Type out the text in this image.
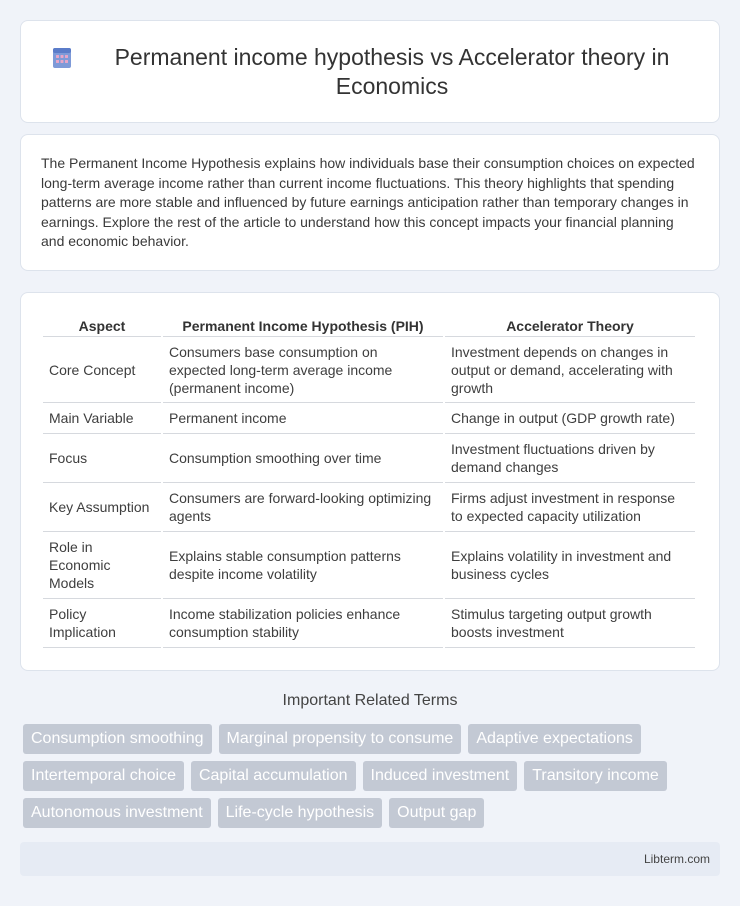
Permanent income hypothesis vs Accelerator theory in Economics

The Permanent Income Hypothesis explains how individuals base their consumption choices on expected long-term average income rather than current income fluctuations. This theory highlights that spending patterns are more stable and influenced by future earnings anticipation rather than temporary changes in earnings. Explore the rest of the article to understand how this concept impacts your financial planning and economic behavior.

Aspect	Permanent Income Hypothesis (PIH)	Accelerator Theory
Core Concept	Consumers base consumption on expected long-term average income (permanent income)	Investment depends on changes in output or demand, accelerating with growth
Main Variable	Permanent income	Change in output (GDP growth rate)
Focus	Consumption smoothing over time	Investment fluctuations driven by demand changes
Key Assumption	Consumers are forward-looking optimizing agents	Firms adjust investment in response to expected capacity utilization
Role in Economic Models	Explains stable consumption patterns despite income volatility	Explains volatility in investment and business cycles
Policy Implication	Income stabilization policies enhance consumption stability	Stimulus targeting output growth boosts investment
Important Related Terms
Consumption smoothing	Marginal propensity to consume	Adaptive expectations
Intertemporal choice	Capital accumulation	Induced investment	Transitory income
Autonomous investment	Life-cycle hypothesis	Output gap
Libterm.com
